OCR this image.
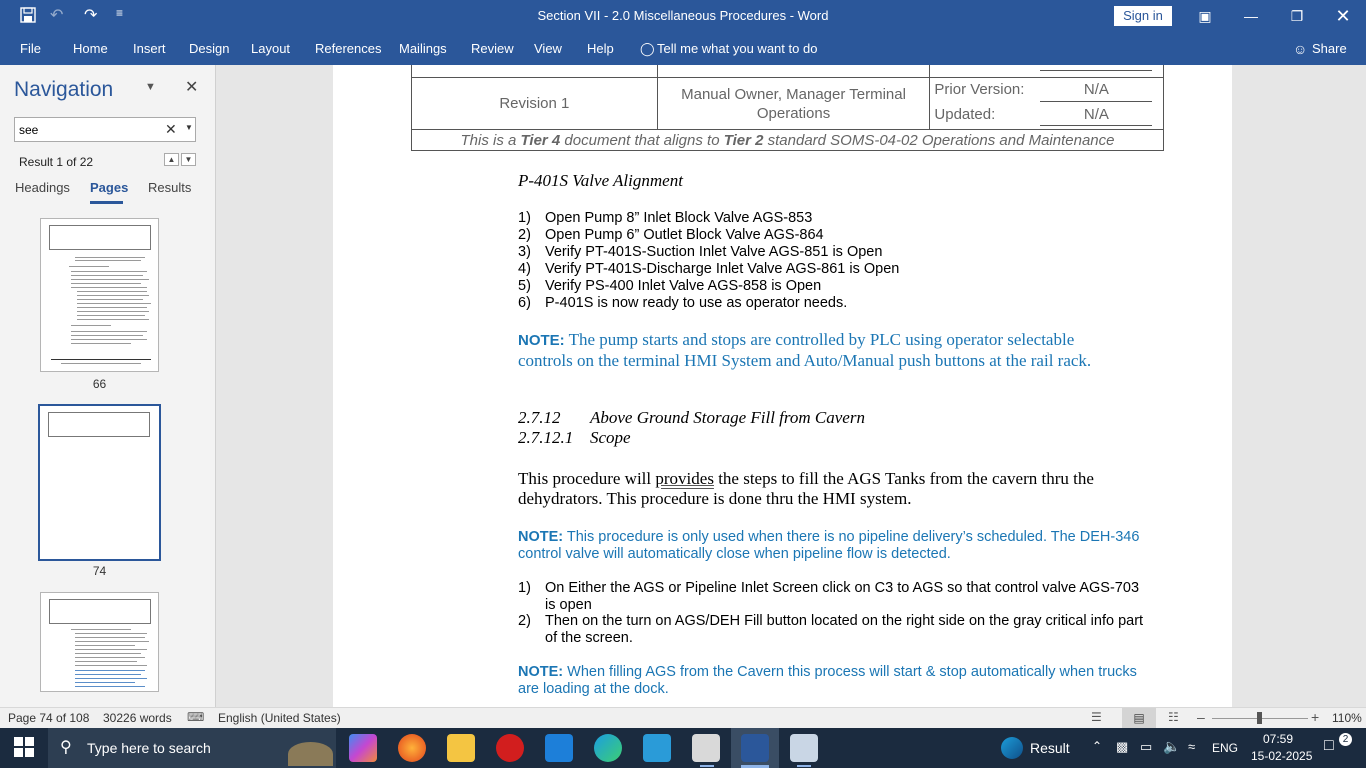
↶ ↷ ≡	Section VII - 2.0 Miscellaneous Procedures - Word	Sign in	▣	—	❐	✕
File Home Insert Design Layout References Mailings Review View Help ◯ Tell me what you want to do	☺ Share
Navigation	▼ ✕
see	✕ ▼
Result 1 of 22	▲	▼
Headings Pages Results
66
74

Revision 1	Manual Owner, Manager Terminal Operations	Prior Version: N/A
Updated: N/A

This is a Tier 4 document that aligns to Tier 2 standard SOMS-04-02 Operations and Maintenance		
P-401S Valve Alignment
1) Open Pump 8” Inlet Block Valve AGS-853
2) Open Pump 6” Outlet Block Valve AGS-864
3) Verify PT-401S-Suction Inlet Valve AGS-851 is Open
4) Verify PT-401S-Discharge Inlet Valve AGS-861 is Open
5) Verify PS-400 Inlet Valve AGS-858 is Open
6) P-401S is now ready to use as operator needs.
NOTE: The pump starts and stops are controlled by PLC using operator selectable
controls on the terminal HMI System and Auto/Manual push buttons at the rail rack.
2.7.12 Above Ground Storage Fill from Cavern
2.7.12.1 Scope
This procedure will provides the steps to fill the AGS Tanks from the cavern thru the
dehydrators. This procedure is done thru the HMI system.
NOTE: This procedure is only used when there is no pipeline delivery’s scheduled. The DEH-346
control valve will automatically close when pipeline flow is detected.
1) On Either the AGS or Pipeline Inlet Screen click on C3 to AGS so that control valve AGS-703
is open
2) Then on the turn on AGS/DEH Fill button located on the right side on the gray critical info part
of the screen.
NOTE: When filling AGS from the Cavern this process will start & stop automatically when trucks
are loading at the dock.
Page 74 of 108 30226 words ⌨ English (United States)	☰	▤	☷ –	+ 110%
⚲ Type here to search	Result ⌃ ▩ ▭ 🔈 ≈ ENG
07:59
15-02-2025
□ 2
